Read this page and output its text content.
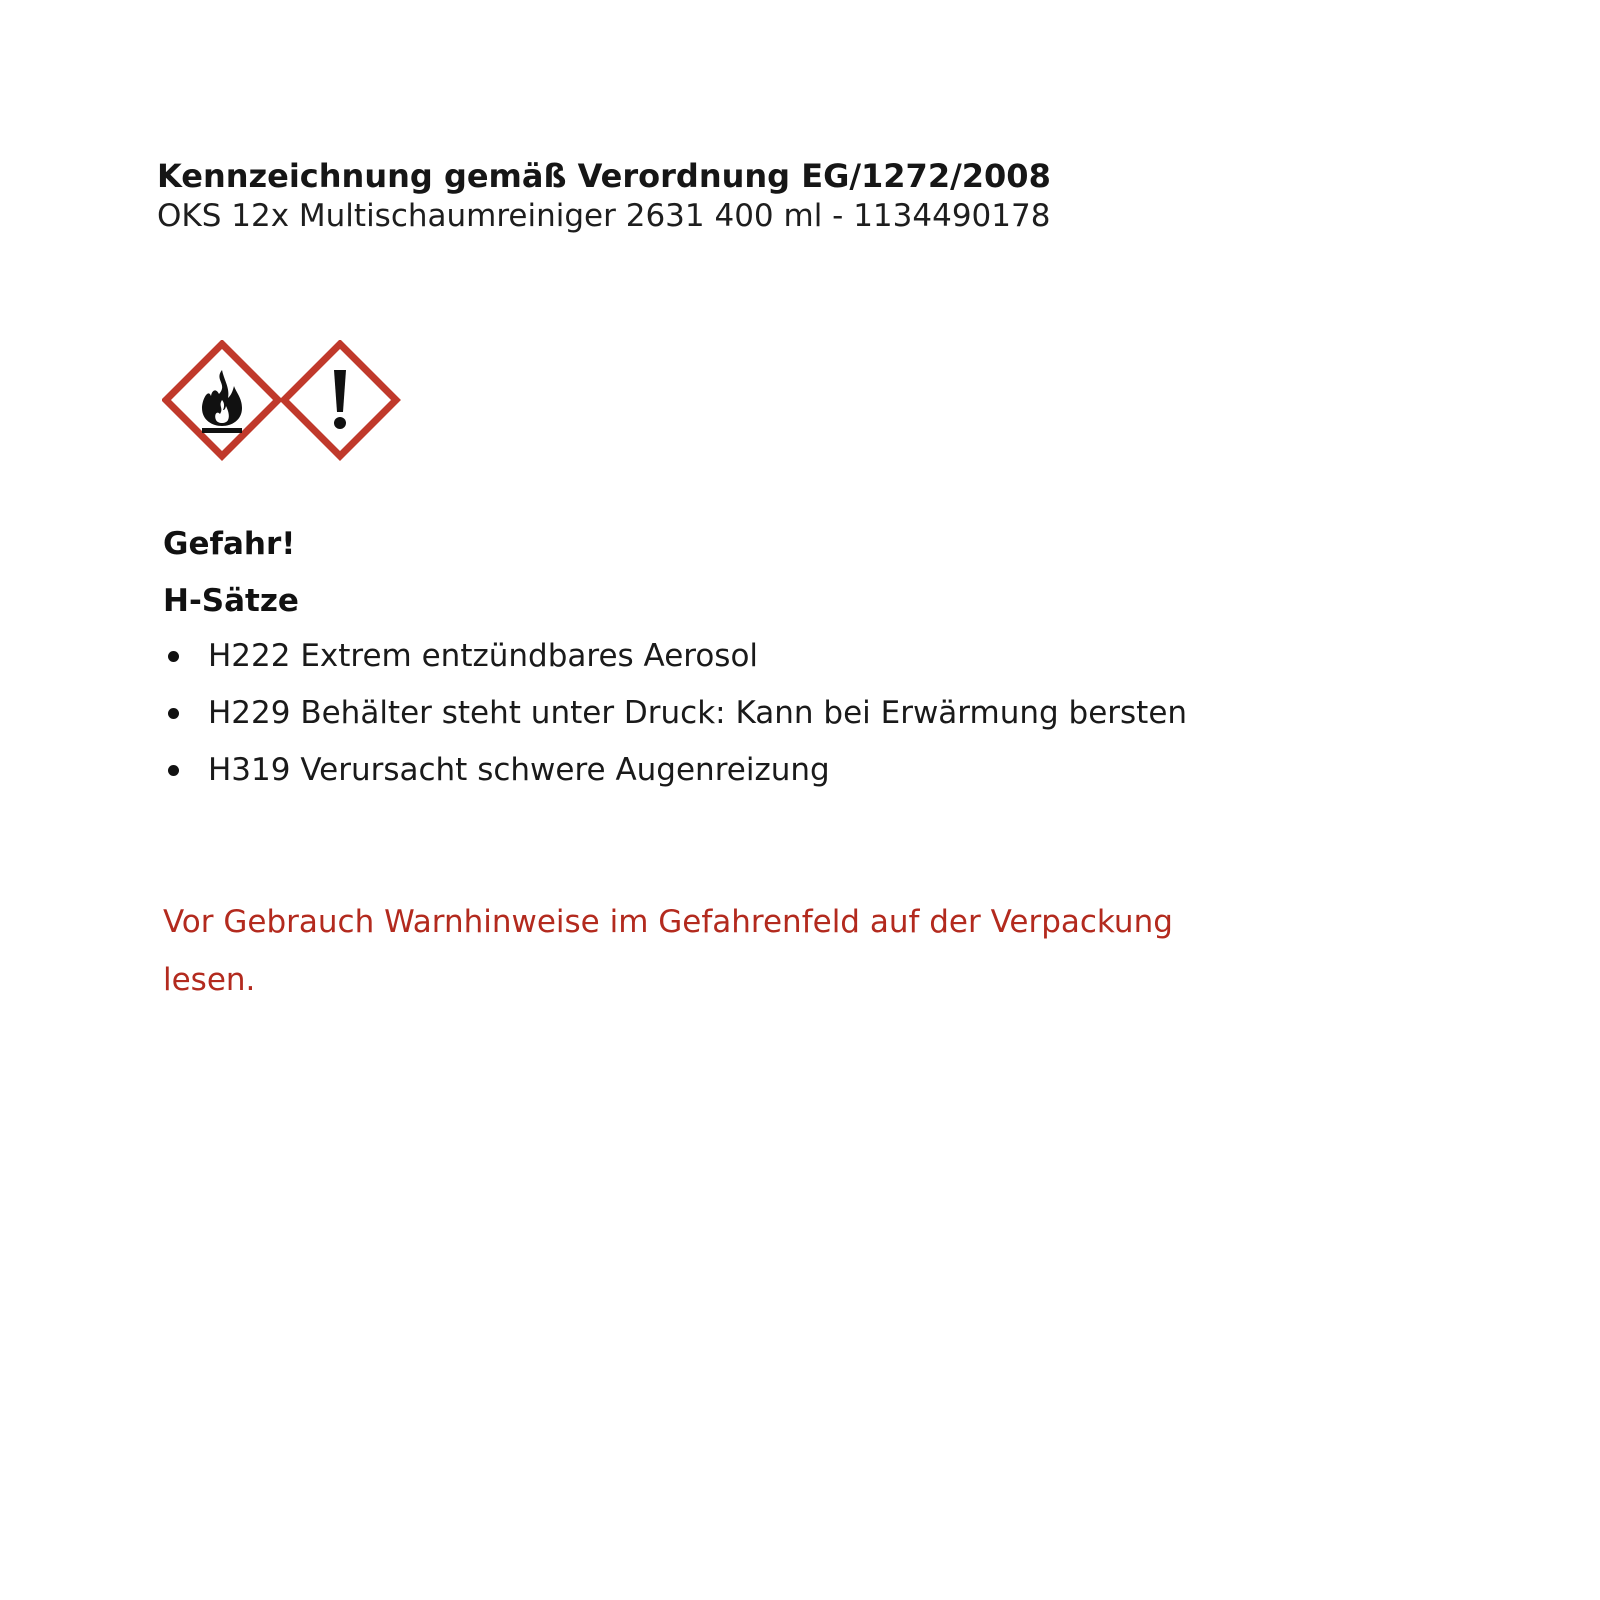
Kennzeichnung gemäß Verordnung EG/1272/2008
OKS 12x Multischaumreiniger 2631 400 ml - 1134490178
Gefahr!
H-Sätze
H222 Extrem entzündbares Aerosol
H229 Behälter steht unter Druck: Kann bei Erwärmung bersten
H319 Verursacht schwere Augenreizung
Vor Gebrauch Warnhinweise im Gefahrenfeld auf der Verpackung lesen.
